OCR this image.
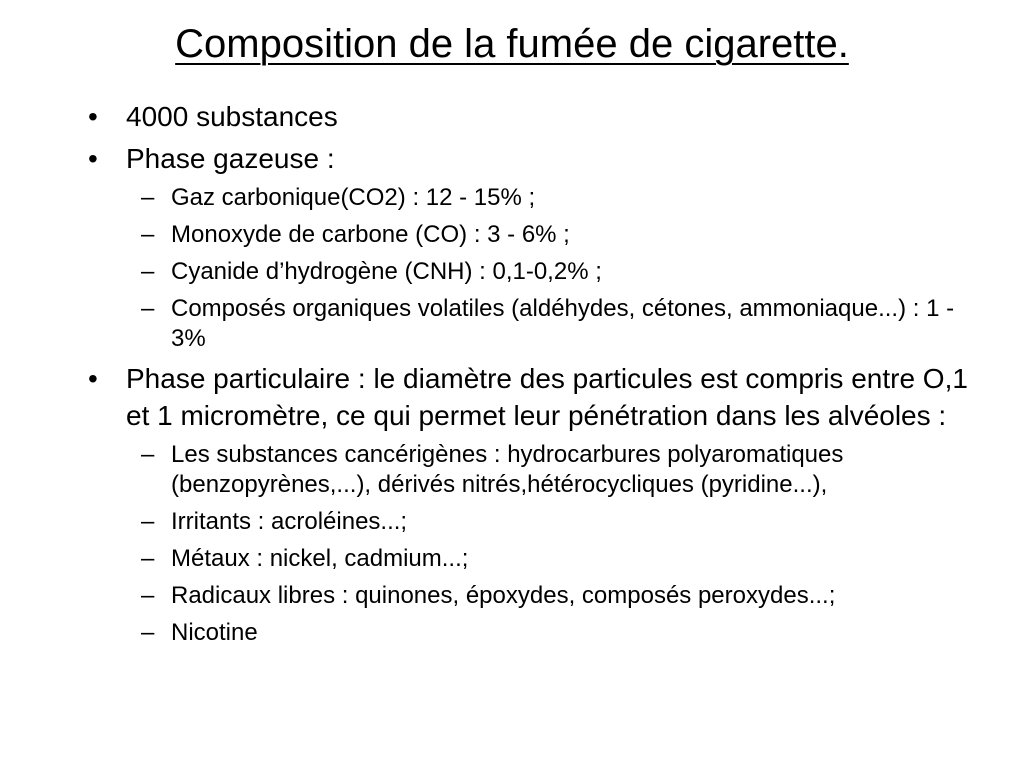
Composition de la fumée de cigarette.
•	4000 substances
•	Phase gazeuse :
– Gaz carbonique(CO2) : 12 - 15% ;
– Monoxyde de carbone (CO) : 3 - 6% ;
– Cyanide d’hydrogène (CNH) : 0,1-0,2% ;
– Composés organiques volatiles (aldéhydes, cétones, ammoniaque...) : 1 - 3%
•	Phase particulaire : le diamètre des particules est compris entre O,1 et 1 micromètre, ce qui permet leur pénétration dans les alvéoles :
– Les substances cancérigènes : hydrocarbures polyaromatiques (benzopyrènes,...), dérivés nitrés,hétérocycliques (pyridine...),
– Irritants : acroléines...;
– Métaux : nickel, cadmium...;
– Radicaux libres : quinones, époxydes, composés peroxydes...;
– Nicotine
